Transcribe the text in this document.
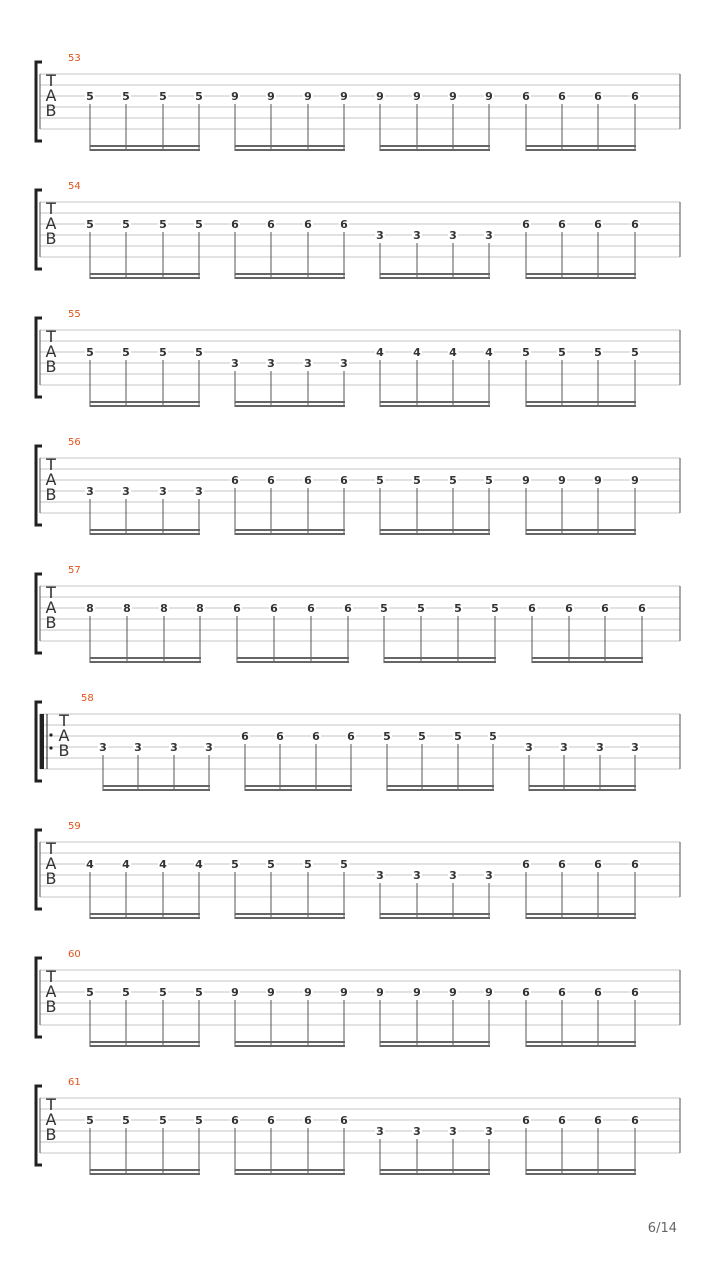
T
A
B
53
5	5	5	5	9	9	9	9	9	9	9	9	6	6	6	6
T
A
B
54
5	5	5	5	6	6	6	6
3	3	3	3
6	6	6	6
T
A
B
55
5	5	5	5
3	3	3	3
4	4	4	4	5	5	5	5
T
A
B
56
3	3	3	3
6	6	6	6	5	5	5	5	9	9	9	9
T
A
B
57
8	8	8	8	6	6	6	6	5	5	5	5	6	6	6	6
T
A
B
58
3 3	3 3
6 6	6 6	5 5	5 5
3 3	3 3
T
A
B
59
4	4	4	4	5	5	5	5
3	3	3	3
6	6	6	6
T
A
B
60
5	5	5	5	9	9	9	9	9	9	9	9	6	6	6	6
T
A
B
61
5	5	5	5	6	6	6	6
3	3	3	3
6	6	6	6
6/14
